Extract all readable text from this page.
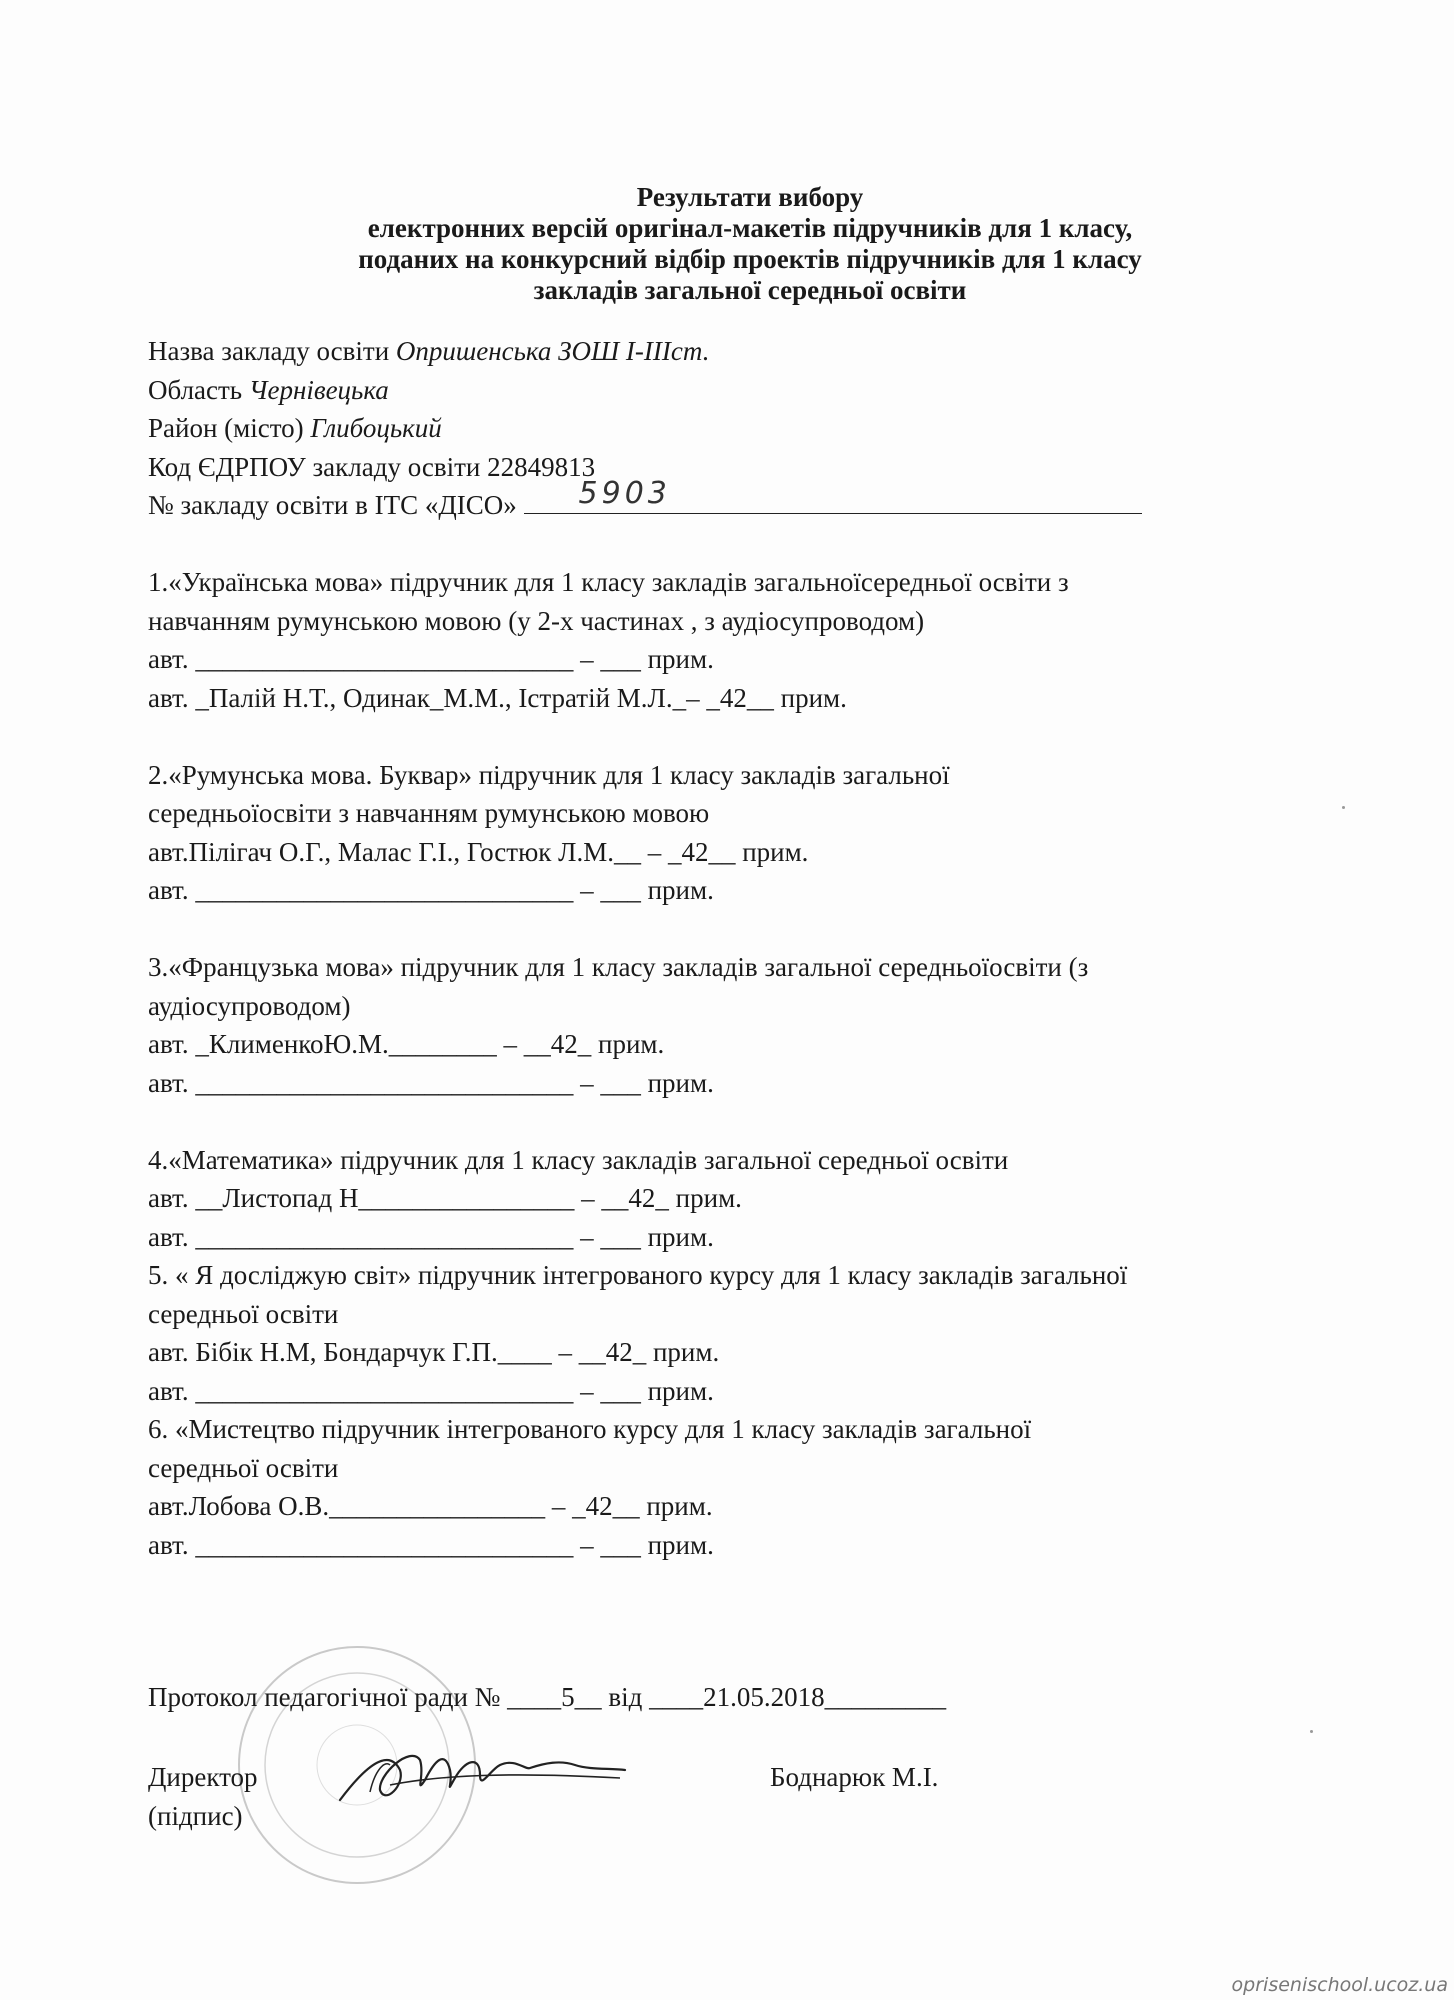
Результати вибору
електронних версій оригінал-макетів підручників для 1 класу,
поданих на конкурсний відбір проектів підручників для 1 класу
закладів загальної середньої освіти
Назва закладу освіти Опришенська ЗОШ І-ІІІст.
Область Чернівецька
Район (місто) Глибоцький
Код ЄДРПОУ закладу освіти 22849813
№ закладу освіти в ІТС «ДІСО» 5903
1.«Українська мова» підручник для 1 класу закладів загальноїсередньої освіти з
навчанням румунською мовою (у 2-х частинах , з аудіосупроводом)
авт. ____________________________ – ___ прим.
авт. _Палій Н.Т., Одинак_М.М., Істратій М.Л._– _42__ прим.
2.«Румунська мова. Буквар» підручник для 1 класу закладів загальної
середньоїосвіти з навчанням румунською мовою
авт.Пілігач О.Г., Малас Г.І., Гостюк Л.М.__ – _42__ прим.
авт. ____________________________ – ___ прим.
3.«Французька мова» підручник для 1 класу закладів загальної середньоїосвіти (з
аудіосупроводом)
авт. _КлименкоЮ.М.________ – __42_ прим.
авт. ____________________________ – ___ прим.
4.«Математика» підручник для 1 класу закладів загальної середньої освіти
авт. __Листопад Н________________ – __42_ прим.
авт. ____________________________ – ___ прим.
5. « Я досліджую світ» підручник інтегрованого курсу для 1 класу закладів загальної
середньої освіти
авт. Бібік Н.М, Бондарчук Г.П.____ – __42_ прим.
авт. ____________________________ – ___ прим.
6. «Мистецтво підручник інтегрованого курсу для 1 класу закладів загальної
середньої освіти
авт.Лобова О.В.________________ – _42__ прим.
авт. ____________________________ – ___ прим.
Протокол педагогічної ради № ____5__ від ____21.05.2018_________
Директор
(підпис)
Боднарюк М.І.
oprisenischool.ucoz.ua
